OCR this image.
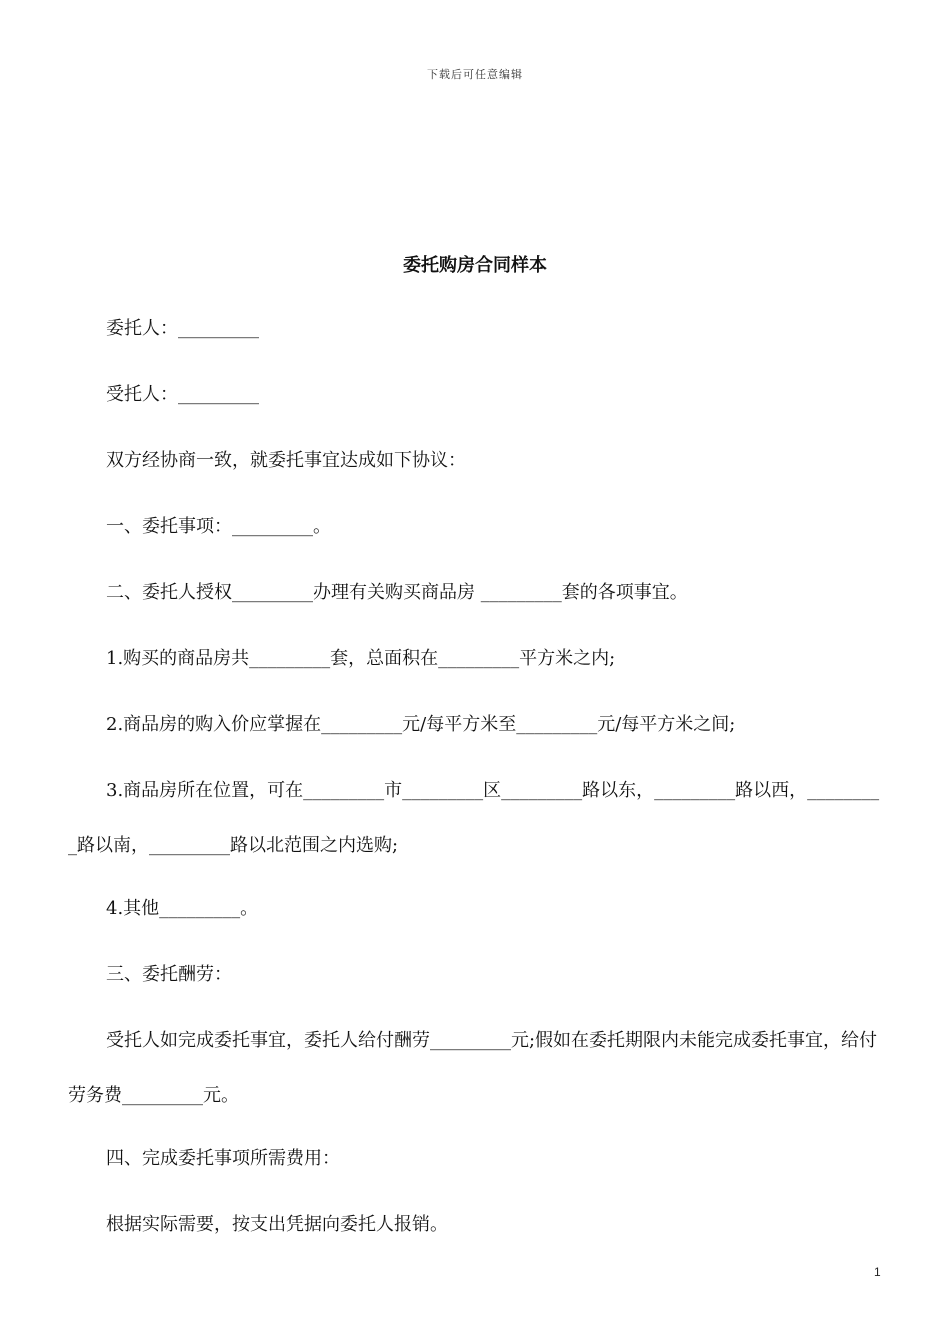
下载后可任意编辑
委托购房合同样本
委托人：_________
受托人：_________
双方经协商一致，就委托事宜达成如下协议：
一、委托事项：_________。
二、委托人授权_________办理有关购买商品房 _________套的各项事宜。
1.购买的商品房共_________套，总面积在_________平方米之内;
2.商品房的购入价应掌握在_________元/每平方米至_________元/每平方米之间;
3.商品房所在位置，可在_________市_________区_________路以东，_________路以西，_________路以南，_________路以北范围之内选购;
4.其他_________。
三、委托酬劳：
受托人如完成委托事宜，委托人给付酬劳_________元;假如在委托期限内未能完成委托事宜，给付劳务费_________元。
四、完成委托事项所需费用：
根据实际需要，按支出凭据向委托人报销。
1
